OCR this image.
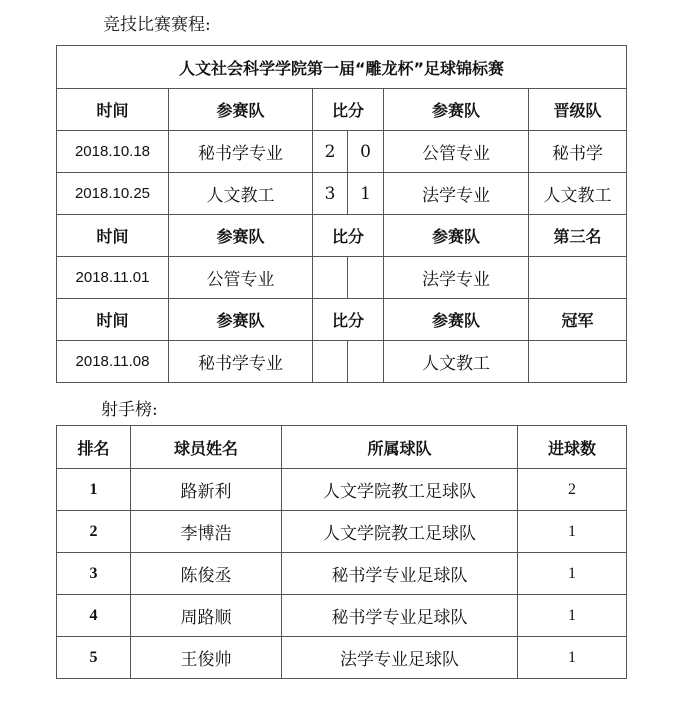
竞技比赛赛程:
人文社会科学学院第一届“雕龙杯”足球锦标赛					
时间	参赛队	比分		参赛队	晋级队
2018.10.18	秘书学专业	2	0	公管专业	秘书学
2018.10.25	人文教工	3	1	法学专业	人文教工
时间	参赛队	比分		参赛队	第三名
2018.11.01	公管专业			法学专业	
时间	参赛队	比分		参赛队	冠军
2018.11.08	秘书学专业			人文教工	
射手榜:
排名	球员姓名	所属球队	进球数
1	路新利	人文学院教工足球队	2
2	李博浩	人文学院教工足球队	1
3	陈俊丞	秘书学专业足球队	1
4	周路顺	秘书学专业足球队	1
5	王俊帅	法学专业足球队	1
